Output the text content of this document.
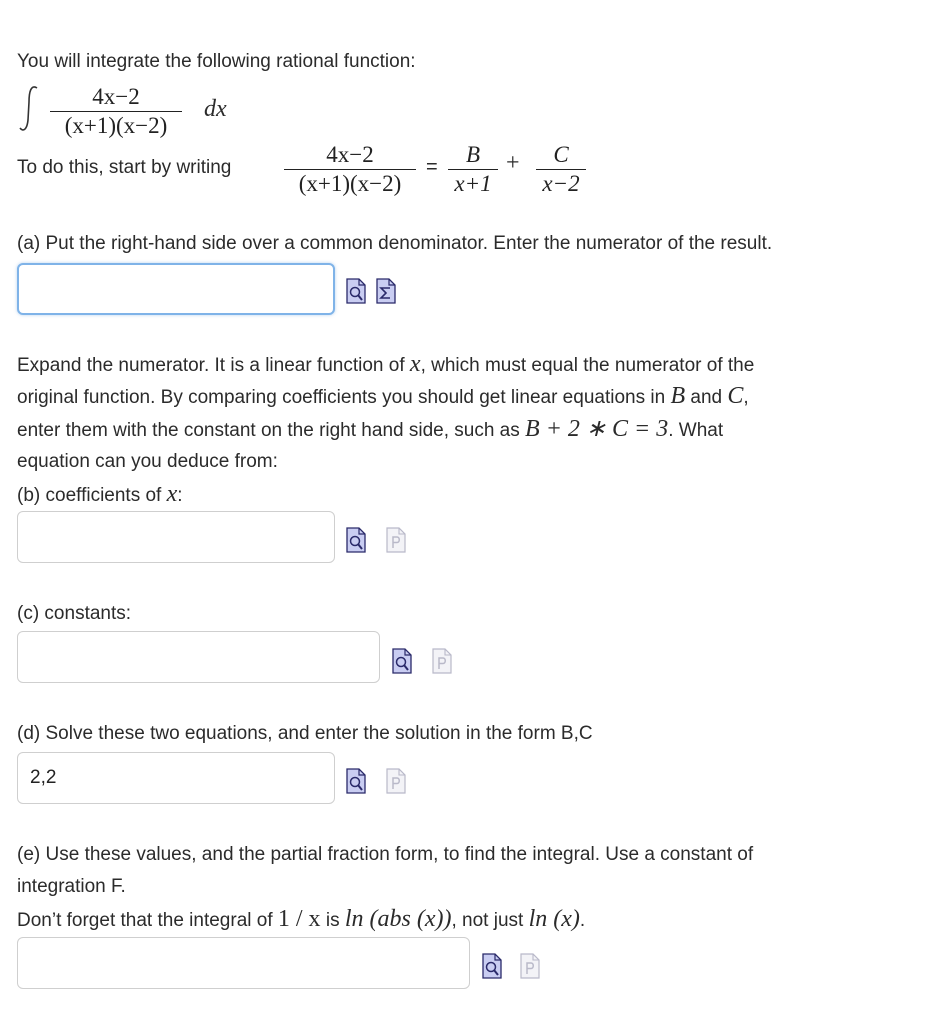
You will integrate the following rational function:
4x−2
(x+1)(x−2)
dx
To do this, start by writing
4x−2
(x+1)(x−2)
=	B
x+1
+	C
x−2
(a) Put the right-hand side over a common denominator. Enter the numerator of the result.
Expand the numerator. It is a linear function of x, which must equal the numerator of the
original function. By comparing coefficients you should get linear equations in B and C,
enter them with the constant on the right hand side, such as B + 2 ∗ C = 3. What
equation can you deduce from:
(b) coefficients of x:
(c) constants:
(d) Solve these two equations, and enter the solution in the form B,C
2,2
(e) Use these values, and the partial fraction form, to find the integral. Use a constant of
integration F.
Don’t forget that the integral of 1 / x is ln (abs (x)), not just ln (x).
